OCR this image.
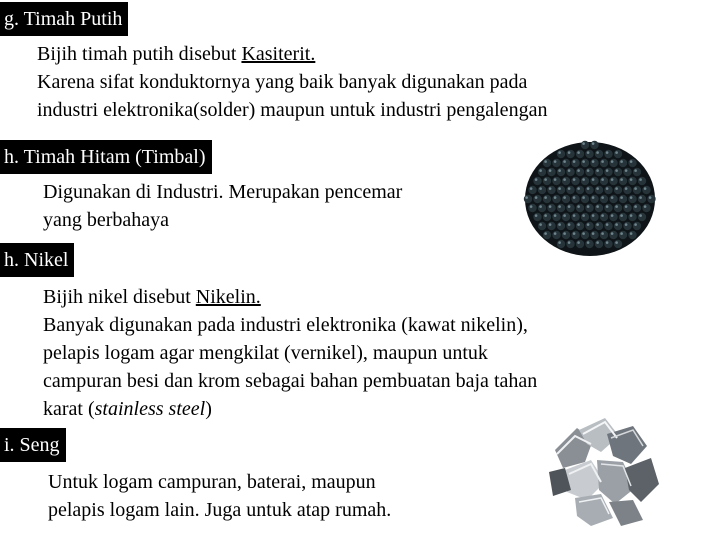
g. Timah Putih
Bijih timah putih disebut Kasiterit.
Karena sifat konduktornya yang baik banyak digunakan pada
industri elektronika(solder) maupun untuk industri pengalengan
h. Timah Hitam (Timbal)
Digunakan di Industri. Merupakan pencemar
yang berbahaya
h. Nikel
Bijih nikel disebut Nikelin.
Banyak digunakan pada industri elektronika (kawat nikelin),
pelapis logam agar mengkilat (vernikel), maupun untuk
campuran besi dan krom sebagai bahan pembuatan baja tahan
karat (stainless steel)
i. Seng
Untuk logam campuran, baterai, maupun
pelapis logam lain. Juga untuk atap rumah.
